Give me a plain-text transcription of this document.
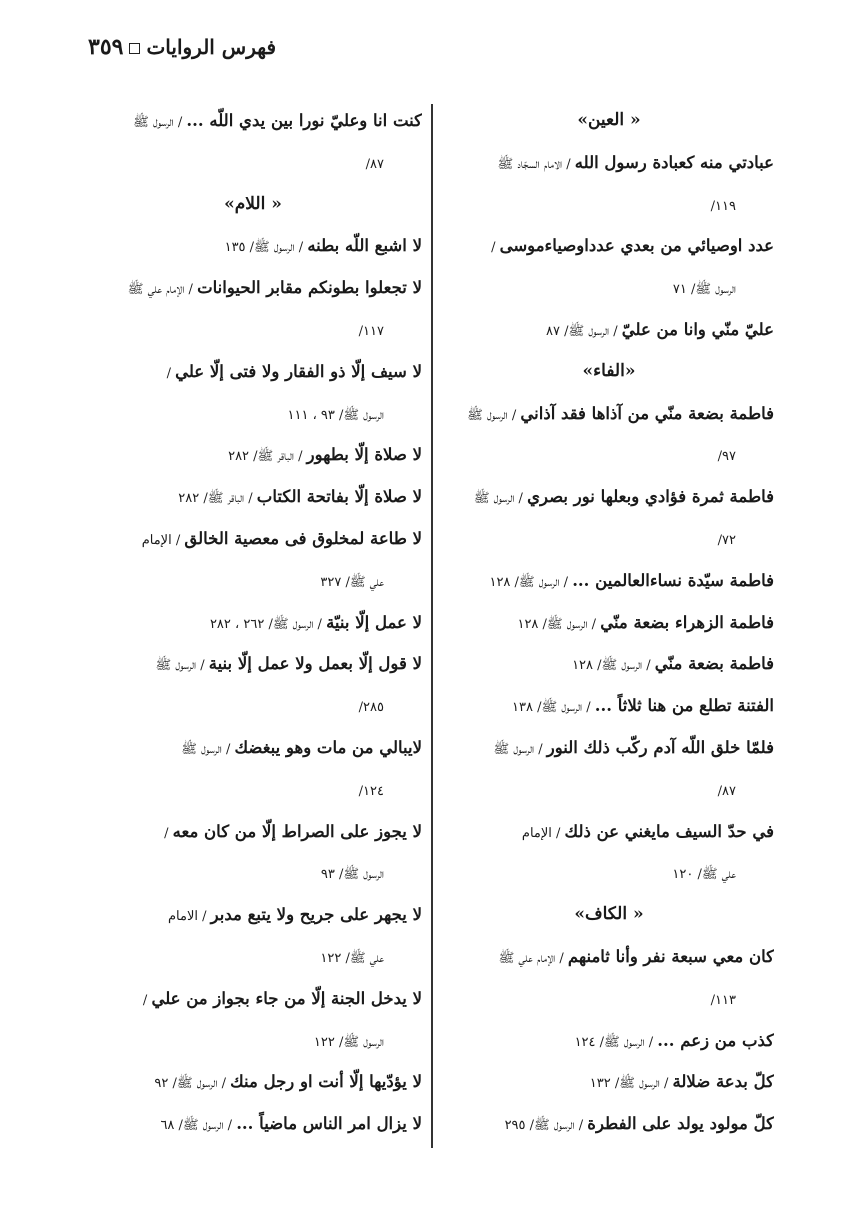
فهرس الروايات٣٥٩
« العين»
عبادتي منه كعبادة رسول الله / الامام السجّاد ﷺ
١١٩/
عدد اوصيائي من بعدي عدداوصياءموسى /
الرسول ﷺ/ ٧١
عليّ منّي وانا من عليّ / الرسول ﷺ/ ٨٧
«الفاء»
فاطمة بضعة منّي من آذاها فقد آذاني / الرسول ﷺ
٩٧/
فاطمة ثمرة فؤادي وبعلها نور بصري / الرسول ﷺ
٧٢/
فاطمة سيّدة نساءالعالمين ... / الرسول ﷺ/ ١٢٨
فاطمة الزهراء بضعة منّي / الرسول ﷺ/ ١٢٨
فاطمة بضعة منّي / الرسول ﷺ/ ١٢٨
الفتنة تطلع من هنا ثلاثاً ... / الرسول ﷺ/ ١٣٨
فلمّا خلق اللّه آدم ركّب ذلك النور / الرسول ﷺ
٨٧/
في حدّ السيف مايغني عن ذلك / الإمام
علي ﷺ/ ١٢٠
« الكاف»
كان معي سبعة نفر وأنا ثامنهم / الإمام علي ﷺ
١١٣/
كذب من زعم ... / الرسول ﷺ/ ١٢٤
كلّ بدعة ضلالة / الرسول ﷺ/ ١٣٢
كلّ مولود يولد على الفطرة / الرسول ﷺ/ ٢٩٥
كنت انا وعليّ نورا بين يدي اللّه ... / الرسول ﷺ
٨٧/
« اللام»
لا اشبع اللّه بطنه / الرسول ﷺ/ ١٣٥
لا تجعلوا بطونكم مقابر الحيوانات / الإمام علي ﷺ
١١٧/
لا سيف إلّا ذو الفقار ولا فتى إلّا علي /
الرسول ﷺ/ ٩٣ ، ١١١
لا صلاة إلّا بطهور / الباقر ﷺ/ ٢٨٢
لا صلاة إلّا بفاتحة الكتاب / الباقر ﷺ/ ٢٨٢
لا طاعة لمخلوق فى معصية الخالق / الإمام
علي ﷺ/ ٣٢٧
لا عمل إلّا بنيّة / الرسول ﷺ/ ٢٦٢ ، ٢٨٢
لا قول إلّا بعمل ولا عمل إلّا بنية / الرسول ﷺ
٢٨٥/
لايبالي من مات وهو يبغضك / الرسول ﷺ
١٢٤/
لا يجوز على الصراط إلّا من كان معه /
الرسول ﷺ/ ٩٣
لا يجهر على جريح ولا يتبع مدبر / الامام
علي ﷺ/ ١٢٢
لا يدخل الجنة إلّا من جاء بجواز من علي /
الرسول ﷺ/ ١٢٢
لا يؤدّيها إلّا أنت او رجل منك / الرسول ﷺ/ ٩٢
لا يزال امر الناس ماضياً ... / الرسول ﷺ/ ٦٨
